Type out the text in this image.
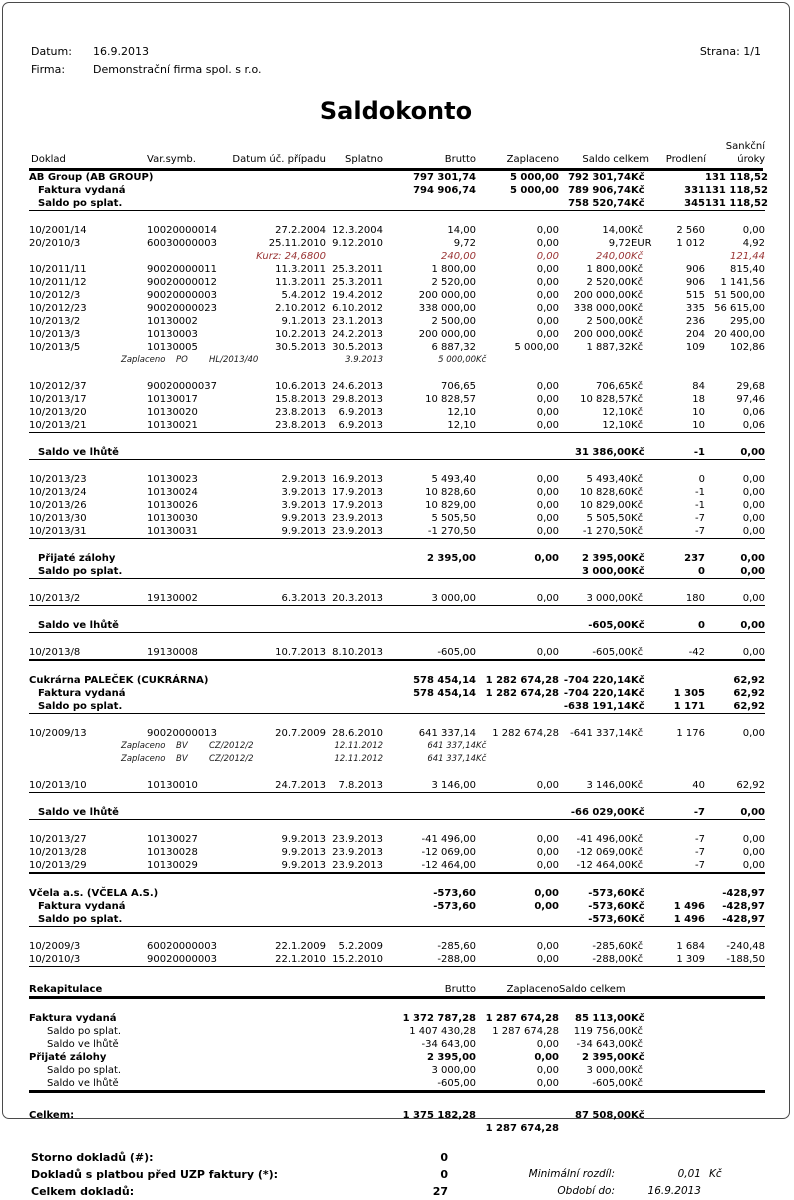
Datum:	16.9.2013
Firma:	Demonstrační firma spol. s r.o.
Strana: 1/1
Saldokonto
Sankční
Doklad	Var.symb.	Datum úč. případu	Splatno	Brutto	Zaplaceno	Saldo celkem	Prodlení	úroky
AB Group (AB GROUP)				797 301,74	5 000,00	792 301,74	Kč		131 118,52
Faktura vydaná				794 906,74	5 000,00	789 906,74	Kč	331	131 118,52
Saldo po splat.						758 520,74	Kč	345	131 118,52

10/2001/14	10020000014	27.2.2004	12.3.2004	14,00	0,00	14,00	Kč	2 560	0,00
20/2010/3	60030000003	25.11.2010	9.12.2010	9,72	0,00	9,72	EUR	1 012	4,92
		Kurz: 24,6800		240,00	0,00	240,00	Kč		121,44
10/2011/11	90020000011	11.3.2011	25.3.2011	1 800,00	0,00	1 800,00	Kč	906	815,40
10/2011/12	90020000012	11.3.2011	25.3.2011	2 520,00	0,00	2 520,00	Kč	906	1 141,56
10/2012/3	90020000003	5.4.2012	19.4.2012	200 000,00	0,00	200 000,00	Kč	515	51 500,00
10/2012/23	90020000023	2.10.2012	6.10.2012	338 000,00	0,00	338 000,00	Kč	335	56 615,00
10/2013/2	10130002	9.1.2013	23.1.2013	2 500,00	0,00	2 500,00	Kč	236	295,00
10/2013/3	10130003	10.2.2013	24.2.2013	200 000,00	0,00	200 000,00	Kč	204	20 400,00
10/2013/5	10130005	30.5.2013	30.5.2013	6 887,32	5 000,00	1 887,32	Kč	109	102,86
Zaplaceno PO HL/2013/40			3.9.2013	5 000,00	Kč				

10/2012/37	90020000037	10.6.2013	24.6.2013	706,65	0,00	706,65	Kč	84	29,68
10/2013/17	10130017	15.8.2013	29.8.2013	10 828,57	0,00	10 828,57	Kč	18	97,46
10/2013/20	10130020	23.8.2013	6.9.2013	12,10	0,00	12,10	Kč	10	0,06
10/2013/21	10130021	23.8.2013	6.9.2013	12,10	0,00	12,10	Kč	10	0,06

Saldo ve lhůtě						31 386,00	Kč	-1	0,00

10/2013/23	10130023	2.9.2013	16.9.2013	5 493,40	0,00	5 493,40	Kč	0	0,00
10/2013/24	10130024	3.9.2013	17.9.2013	10 828,60	0,00	10 828,60	Kč	-1	0,00
10/2013/26	10130026	3.9.2013	17.9.2013	10 829,00	0,00	10 829,00	Kč	-1	0,00
10/2013/30	10130030	9.9.2013	23.9.2013	5 505,50	0,00	5 505,50	Kč	-7	0,00
10/2013/31	10130031	9.9.2013	23.9.2013	-1 270,50	0,00	-1 270,50	Kč	-7	0,00

Přijaté zálohy				2 395,00	0,00	2 395,00	Kč	237	0,00
Saldo po splat.						3 000,00	Kč	0	0,00

10/2013/2	19130002	6.3.2013	20.3.2013	3 000,00	0,00	3 000,00	Kč	180	0,00

Saldo ve lhůtě						-605,00	Kč	0	0,00

10/2013/8	19130008	10.7.2013	8.10.2013	-605,00	0,00	-605,00	Kč	-42	0,00

Cukrárna PALEČEK (CUKRÁRNA)				578 454,14	1 282 674,28	-704 220,14	Kč		62,92
Faktura vydaná				578 454,14	1 282 674,28	-704 220,14	Kč	1 305	62,92
Saldo po splat.						-638 191,14	Kč	1 171	62,92

10/2009/13	90020000013	20.7.2009	28.6.2010	641 337,14	1 282 674,28	-641 337,14	Kč	1 176	0,00
Zaplaceno BV CZ/2012/2			12.11.2012	641 337,14	Kč				
Zaplaceno BV CZ/2012/2			12.11.2012	641 337,14	Kč				

10/2013/10	10130010	24.7.2013	7.8.2013	3 146,00	0,00	3 146,00	Kč	40	62,92

Saldo ve lhůtě						-66 029,00	Kč	-7	0,00

10/2013/27	10130027	9.9.2013	23.9.2013	-41 496,00	0,00	-41 496,00	Kč	-7	0,00
10/2013/28	10130028	9.9.2013	23.9.2013	-12 069,00	0,00	-12 069,00	Kč	-7	0,00
10/2013/29	10130029	9.9.2013	23.9.2013	-12 464,00	0,00	-12 464,00	Kč	-7	0,00

Včela a.s. (VČELA A.S.)				-573,60	0,00	-573,60	Kč		-428,97
Faktura vydaná				-573,60	0,00	-573,60	Kč	1 496	-428,97
Saldo po splat.						-573,60	Kč	1 496	-428,97

10/2009/3	60020000003	22.1.2009	5.2.2009	-285,60	0,00	-285,60	Kč	1 684	-240,48
10/2010/3	90020000003	22.1.2010	15.2.2010	-288,00	0,00	-288,00	Kč	1 309	-188,50

Rekapitulace	Brutto	Zaplaceno	Saldo celkem		

Faktura vydaná	1 372 787,28	1 287 674,28	85 113,00	Kč	
Saldo po splat.	1 407 430,28	1 287 674,28	119 756,00	Kč	
Saldo ve lhůtě	-34 643,00	0,00	-34 643,00	Kč	
Přijaté zálohy	2 395,00	0,00	2 395,00	Kč	
Saldo po splat.	3 000,00	0,00	3 000,00	Kč	
Saldo ve lhůtě	-605,00	0,00	-605,00	Kč	

Celkem:	1 375 182,28		87 508,00	Kč	
		1 287 674,28			
Storno dokladů (#):	0
Dokladů s platbou před UZP faktury (*):	0	Minimální rozdíl:	0,01 Kč
Celkem dokladů:	27	Období do:	16.9.2013
